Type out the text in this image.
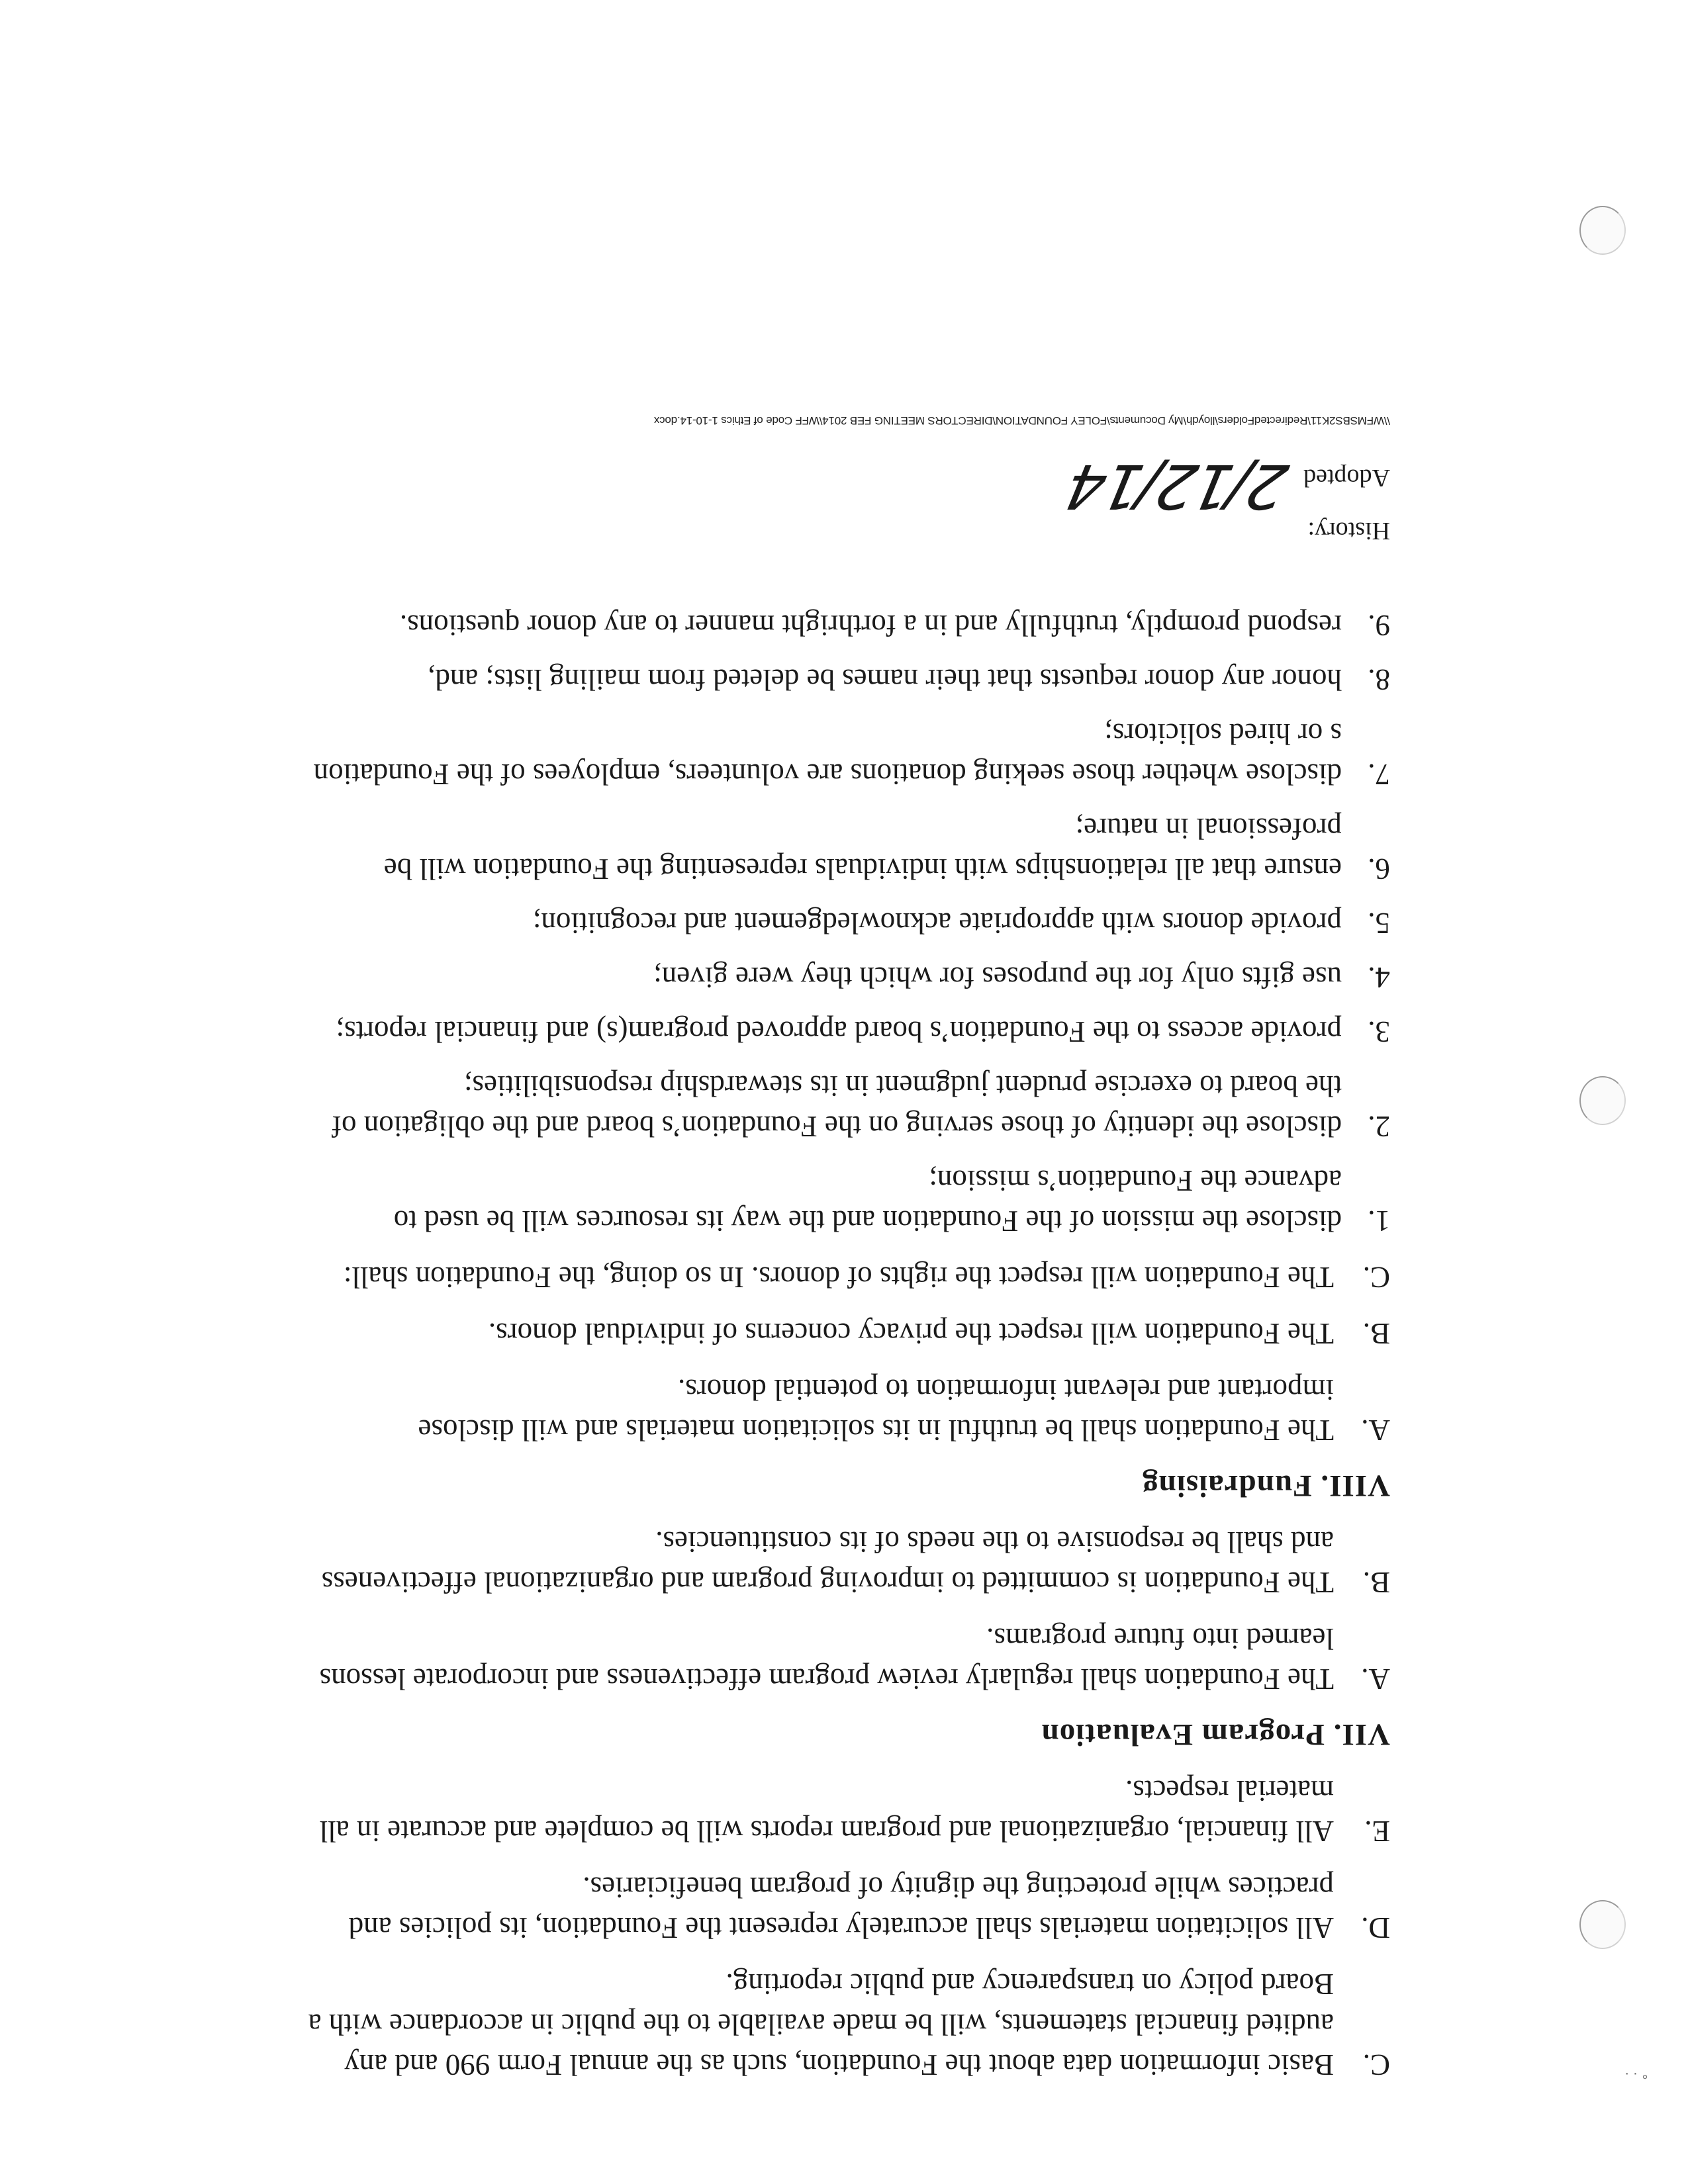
° · ·
C.
Basic information data about the Foundation, such as the annual Form 990 and any audited financial statements, will be made available to the public in accordance with a Board policy on transparency and public reporting.
D.
All solicitation materials shall accurately represent the Foundation, its policies and practices while protecting the dignity of program beneficiaries.
E.
All financial, organizational and program reports will be complete and accurate in all material respects.
VII. Program Evaluation
A.
The Foundation shall regularly review program effectiveness and incorporate lessons learned into future programs.
B.
The Foundation is committed to improving program and organizational effectiveness and shall be responsive to the needs of its constituencies.
VIII. Fundraising
A.
The Foundation shall be truthful in its solicitation materials and will disclose important and relevant information to potential donors.
B.
The Foundation will respect the privacy concerns of individual donors.
C.
The Foundation will respect the rights of donors. In so doing, the Foundation shall:
1.
disclose the mission of the Foundation and the way its resources will be used to advance the Foundation’s mission;
2.
disclose the identity of those serving on the Foundation’s board and the obligation of the board to exercise prudent judgment in its stewardship responsibilities;
3.
provide access to the Foundation’s board approved program(s) and financial reports;
4.
use gifts only for the purposes for which they were given;
5.
provide donors with appropriate acknowledgement and recognition;
6.
ensure that all relationships with individuals representing the Foundation will be professional in nature;
7.
disclose whether those seeking donations are volunteers, employees of the Foundation s or hired solicitors;
8.
honor any donor requests that their names be deleted from mailing lists; and,
9.
respond promptly, truthfully and in a forthright manner to any donor questions.
History:
Adopted
2/12/14
\\WFMSBS2K11\RedirectedFolders\lloydh\My Documents\FOLEY FOUNDATION\DIRECTORS MEETING FEB 2014\WFF Code of Ethics 1-10-14.docx
